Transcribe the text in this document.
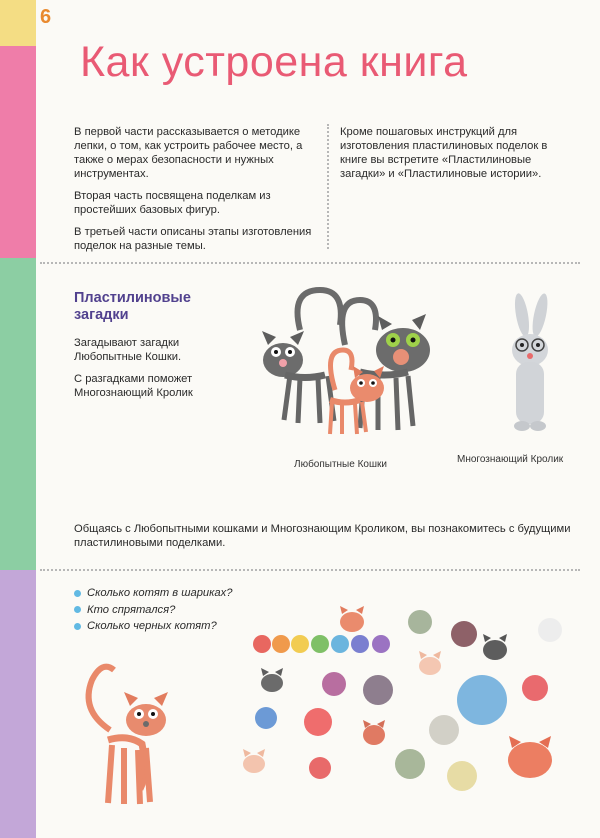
6
Как устроена книга

В первой части рассказывается о методике лепки, о том, как устроить рабочее место, а также о мерах безопасности и нужных инструментах.

Вторая часть посвящена поделкам из простейших базовых фигур.

В третьей части описаны этапы изготовления поделок на разные темы.

Кроме пошаговых инструкций для изготовления пластилиновых поделок в книге вы встретите «Пластилиновые загадки» и «Пластилиновые истории».

Пластилиновые загадки

Загадывают загадки Любопытные Кошки.

С разгадками поможет Многознающий Кролик

Любопытные Кошки	Многознающий Кролик
Общаясь с Любопытными кошками и Многознающим Кроликом, вы познакомитесь с будущими пластилиновыми поделками.
Сколько котят в шариках?
Кто спрятался?
Сколько черных котят?
